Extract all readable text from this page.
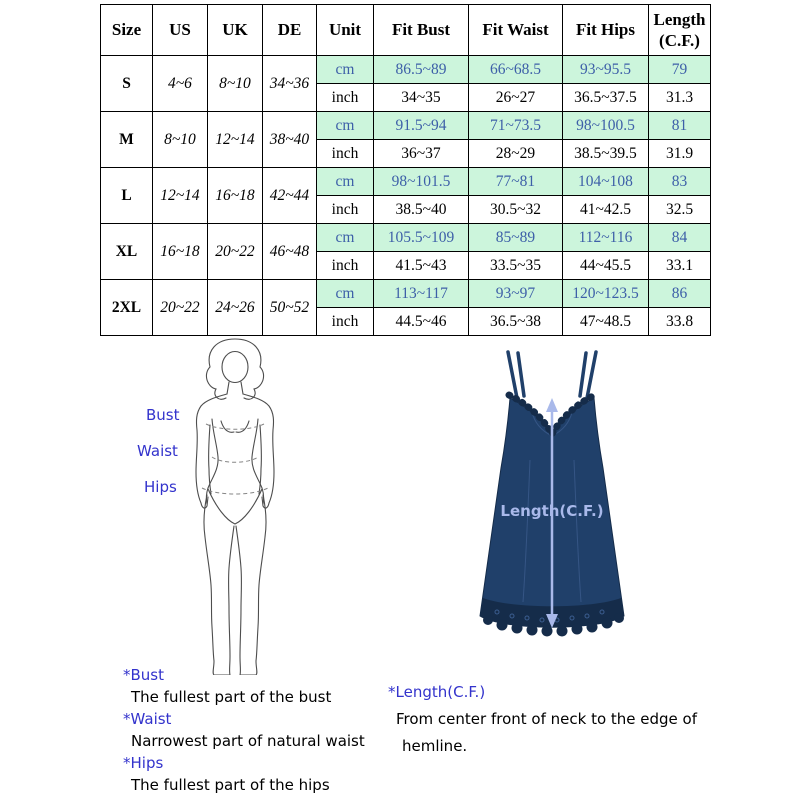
Size	US	UK	DE	Unit	Fit Bust	Fit Waist	Fit Hips	Length
(C.F.)

S	4~6	8~10	34~36	cm	86.5~89	66~68.5	93~95.5	79
				inch	34~35	26~27	36.5~37.5	31.3
M	8~10	12~14	38~40	cm	91.5~94	71~73.5	98~100.5	81
				inch	36~37	28~29	38.5~39.5	31.9
L	12~14	16~18	42~44	cm	98~101.5	77~81	104~108	83
				inch	38.5~40	30.5~32	41~42.5	32.5
XL	16~18	20~22	46~48	cm	105.5~109	85~89	112~116	84
				inch	41.5~43	33.5~35	44~45.5	33.1
2XL	20~22	24~26	50~52	cm	113~117	93~97	120~123.5	86
				inch	44.5~46	36.5~38	47~48.5	33.8
Bust
Waist
Hips
Length(C.F.)
*Bust
The fullest part of the bust
*Waist
Narrowest part of natural waist
*Hips
The fullest part of the hips
*Length(C.F.)
From center front of neck to the edge of
hemline.
